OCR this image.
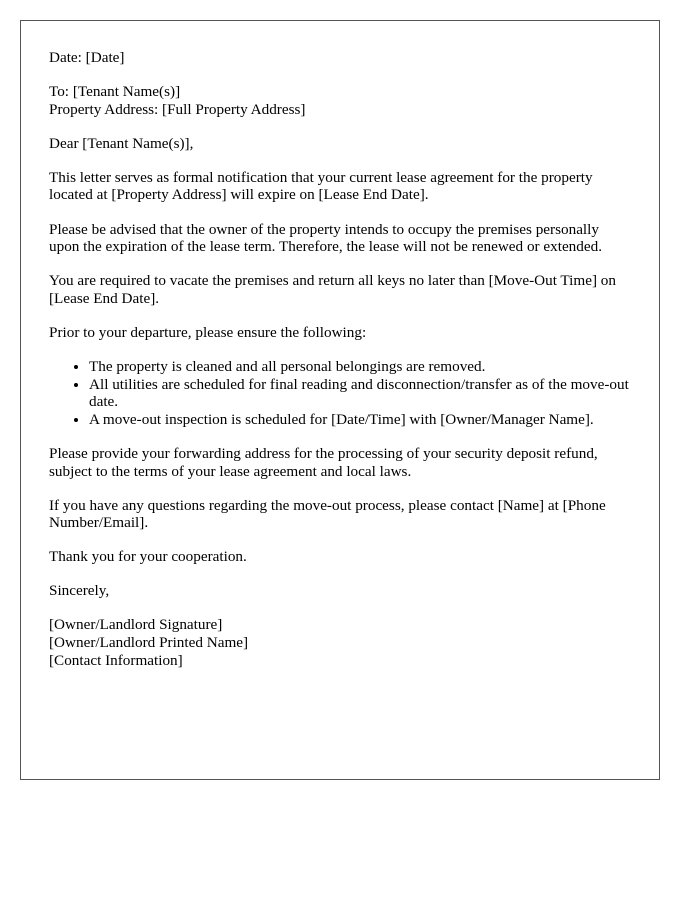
Date: [Date]

To: [Tenant Name(s)]
Property Address: [Full Property Address]

Dear [Tenant Name(s)],

This letter serves as formal notification that your current lease agreement for the property located at [Property Address] will expire on [Lease End Date].

Please be advised that the owner of the property intends to occupy the premises personally upon the expiration of the lease term. Therefore, the lease will not be renewed or extended.

You are required to vacate the premises and return all keys no later than [Move-Out Time] on [Lease End Date].

Prior to your departure, please ensure the following:

• The property is cleaned and all personal belongings are removed.
• All utilities are scheduled for final reading and disconnection/transfer as of the move-out date.
• A move-out inspection is scheduled for [Date/Time] with [Owner/Manager Name].

Please provide your forwarding address for the processing of your security deposit refund, subject to the terms of your lease agreement and local laws.

If you have any questions regarding the move-out process, please contact [Name] at [Phone Number/Email].

Thank you for your cooperation.

Sincerely,

[Owner/Landlord Signature]
[Owner/Landlord Printed Name]
[Contact Information]
